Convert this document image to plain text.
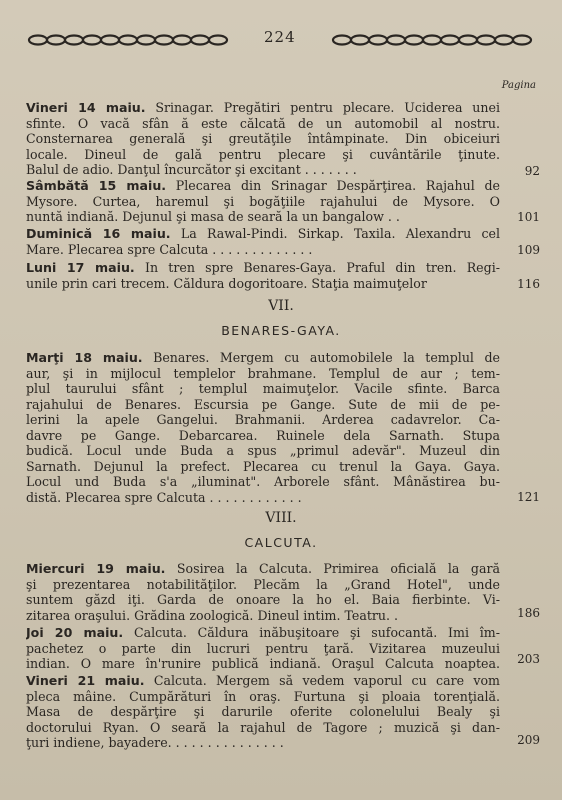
224
Pagina
Vineri 14 maiu. Srinagar. Pregătiri pentru plecare. Uciderea unei
sfinte. O vacă sfân ă este călcată de un automobil al nostru.
Consternarea generală şi greutăţile întâmpinate. Din obiceiuri
locale. Dineul de gală pentru plecare şi cuvântările ţinute.
Balul de adio. Danţul încurcător şi excitant . . . . . . .	92
Sâmbătă 15 maiu. Plecarea din Srinagar Despărţirea. Rajahul de
Mysore. Curtea, haremul şi bogăţiile rajahului de Mysore. O
nuntă indiană. Dejunul şi masa de seară la un bangalow . .	101
Duminică 16 maiu. La Rawal-Pindi. Sirkap. Taxila. Alexandru cel
Mare. Plecarea spre Calcuta . . . . . . . . . . . . .	109
Luni 17 maiu. In tren spre Benares-Gaya. Praful din tren. Regi-
unile prin cari trecem. Căldura dogoritoare. Staţia maimuţelor	116
VII.
BENARES-GAYA.
Marţi 18 maiu. Benares. Mergem cu automobilele la templul de
aur, şi in mijlocul templelor brahmane. Templul de aur ; tem-
plul taurului sfânt ; templul maimuţelor. Vacile sfinte. Barca
rajahului de Benares. Escursia pe Gange. Sute de mii de pe-
lerini la apele Gangelui. Brahmanii. Arderea cadavrelor. Ca-
davre pe Gange. Debarcarea. Ruinele dela Sarnath. Stupa
budică. Locul unde Buda a spus „primul adevăr". Muzeul din
Sarnath. Dejunul la prefect. Plecarea cu trenul la Gaya. Gaya.
Locul und Buda s'a „iluminat". Arborele sfânt. Mânăstirea bu-
distă. Plecarea spre Calcuta . . . . . . . . . . . .	121
VIII.
CALCUTA.
Miercuri 19 maiu. Sosirea la Calcuta. Primirea oficială la gară
şi prezentarea notabilităţilor. Plecăm la „Grand Hotel", unde
suntem găzd iţi. Garda de onoare la ho el. Baia fierbinte. Vi-
zitarea oraşului. Grădina zoologică. Dineul intim. Teatru. .	186
Joi 20 maiu. Calcuta. Căldura inăbuşitoare şi sufocantă. Imi îm-
pachetez o parte din lucruri pentru ţară. Vizitarea muzeului
indian. O mare în'runire publică indiană. Oraşul Calcuta noaptea. 203
Vineri 21 maiu. Calcuta. Mergem să vedem vaporul cu care vom
pleca mâine. Cumpărături în oraş. Furtuna şi ploaia torenţială.
Masa de despărţire şi darurile oferite colonelului Bealy şi
doctorului Ryan. O seară la rajahul de Tagore ; muzică şi dan-
ţuri indiene, bayadere. . . . . . . . . . . . . . .	209
